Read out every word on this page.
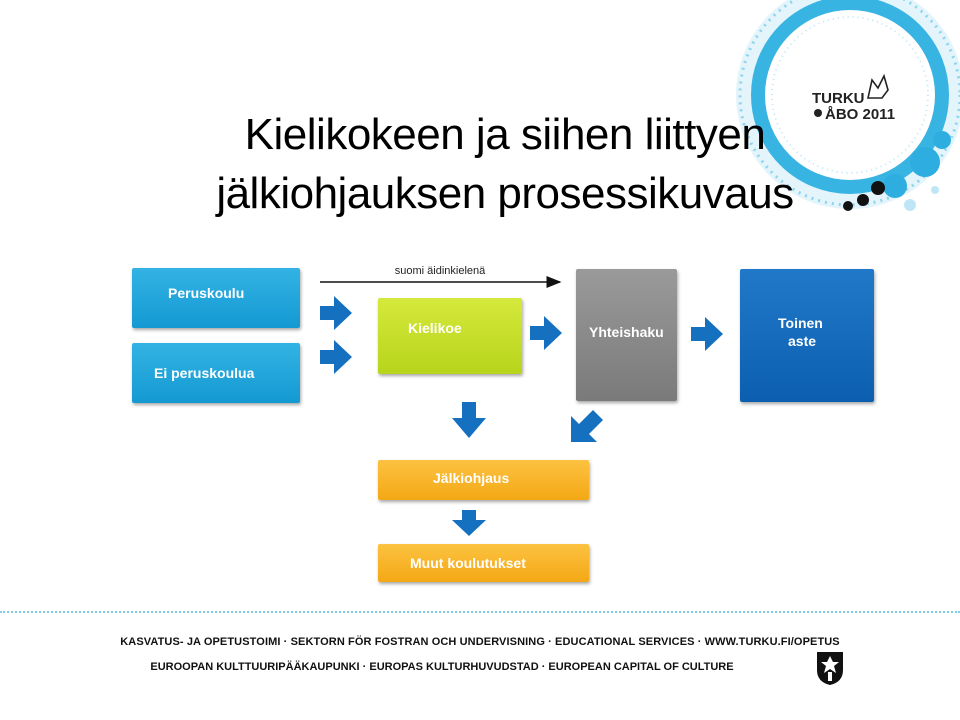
TURKU
ÅBO 2011
Kielikokeen ja siihen liittyen
jälkiohjauksen prosessikuvaus
Peruskoulu
Ei peruskoulua
Kielikoe	Yhteishaku
Toinen
aste
Jälkiohjaus
Muut koulutukset
suomi äidinkielenä
KASVATUS- JA OPETUSTOIMI · SEKTORN FÖR FOSTRAN OCH UNDERVISNING · EDUCATIONAL SERVICES · WWW.TURKU.FI/OPETUS
EUROOPAN KULTTUURIPÄÄKAUPUNKI · EUROPAS KULTURHUVUDSTAD · EUROPEAN CAPITAL OF CULTURE
